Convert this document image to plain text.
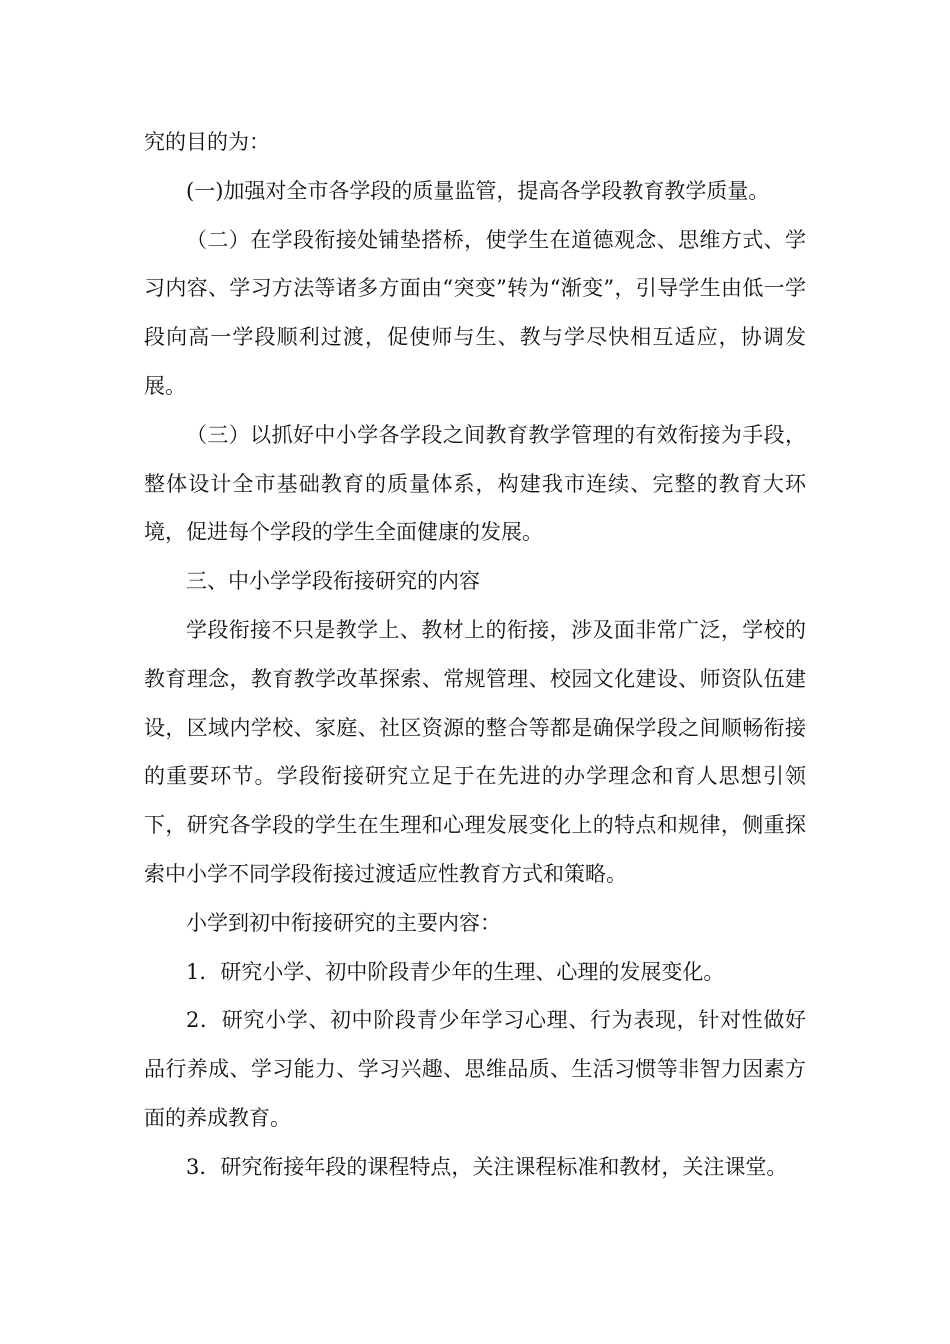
究的目的为：

(一)加强对全市各学段的质量监管，提高各学段教育教学质量。

（二）在学段衔接处铺垫搭桥，使学生在道德观念、思维方式、学习内容、学习方法等诸多方面由“突变”转为“渐变”，引导学生由低一学段向高一学段顺利过渡，促使师与生、教与学尽快相互适应，协调发展。

（三）以抓好中小学各学段之间教育教学管理的有效衔接为手段，整体设计全市基础教育的质量体系，构建我市连续、完整的教育大环境，促进每个学段的学生全面健康的发展。

三、中小学学段衔接研究的内容

学段衔接不只是教学上、教材上的衔接，涉及面非常广泛，学校的教育理念，教育教学改革探索、常规管理、校园文化建设、师资队伍建设，区域内学校、家庭、社区资源的整合等都是确保学段之间顺畅衔接的重要环节。学段衔接研究立足于在先进的办学理念和育人思想引领下，研究各学段的学生在生理和心理发展变化上的特点和规律，侧重探索中小学不同学段衔接过渡适应性教育方式和策略。

小学到初中衔接研究的主要内容：

1．研究小学、初中阶段青少年的生理、心理的发展变化。

2．研究小学、初中阶段青少年学习心理、行为表现，针对性做好品行养成、学习能力、学习兴趣、思维品质、生活习惯等非智力因素方面的养成教育。

3．研究衔接年段的课程特点，关注课程标准和教材，关注课堂。
